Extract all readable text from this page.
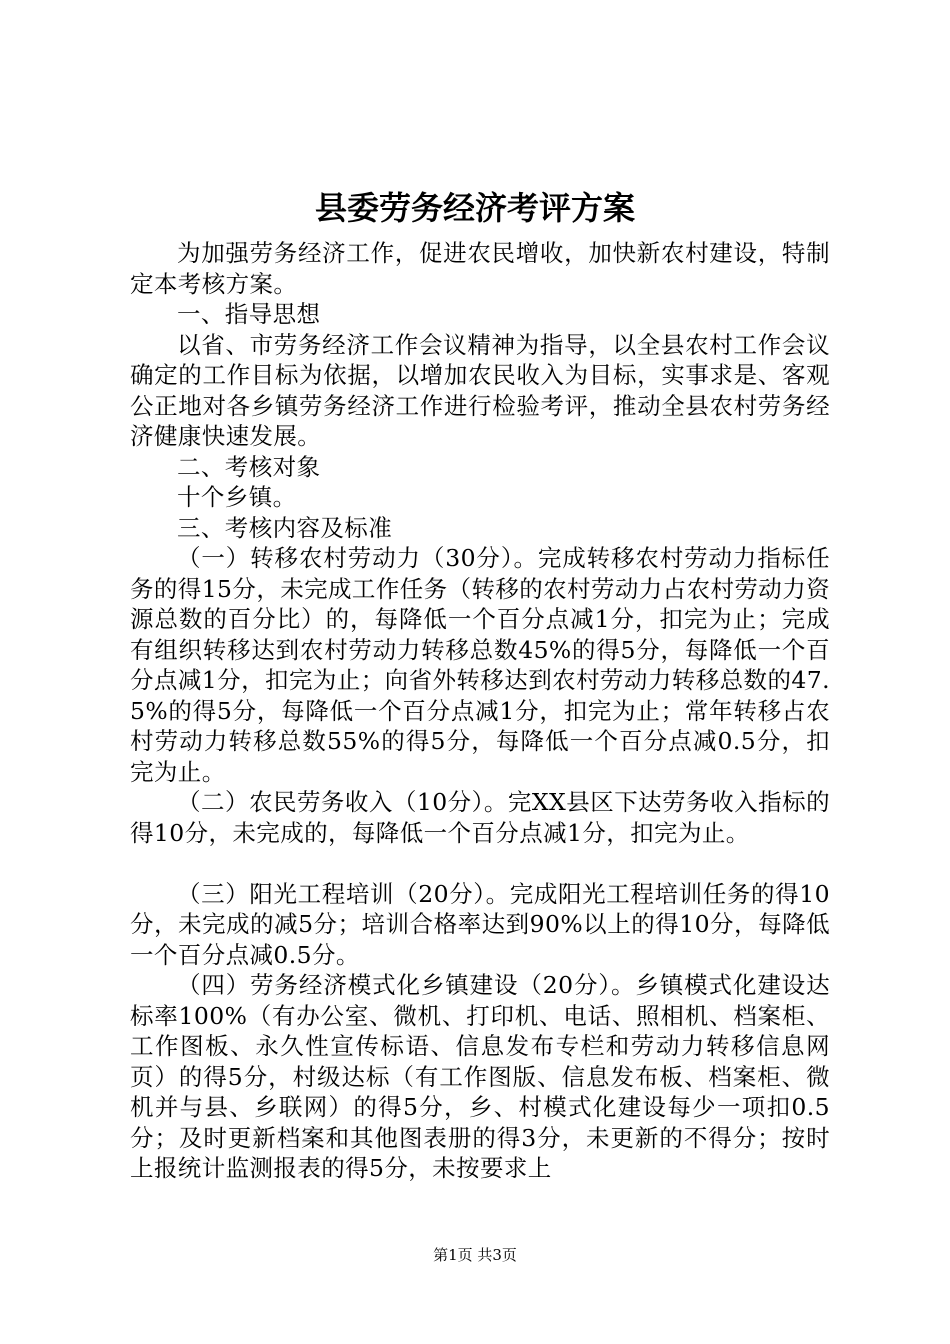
县委劳务经济考评方案

为加强劳务经济工作，促进农民增收，加快新农村建设，特制定本考核方案。

一、指导思想

以省、市劳务经济工作会议精神为指导，以全县农村工作会议确定的工作目标为依据，以增加农民收入为目标，实事求是、客观公正地对各乡镇劳务经济工作进行检验考评，推动全县农村劳务经济健康快速发展。

二、考核对象

十个乡镇。

三、考核内容及标准

（一）转移农村劳动力（30分）。完成转移农村劳动力指标任务的得15分，未完成工作任务（转移的农村劳动力占农村劳动力资源总数的百分比）的，每降低一个百分点减1分，扣完为止；完成有组织转移达到农村劳动力转移总数45%的得5分，每降低一个百分点减1分，扣完为止；向省外转移达到农村劳动力转移总数的47.5%的得5分，每降低一个百分点减1分，扣完为止；常年转移占农村劳动力转移总数55%的得5分，每降低一个百分点减0.5分，扣完为止。

（二）农民劳务收入（10分）。完XX县区下达劳务收入指标的得10分，未完成的，每降低一个百分点减1分，扣完为止。

（三）阳光工程培训（20分）。完成阳光工程培训任务的得10分，未完成的减5分；培训合格率达到90%以上的得10分，每降低一个百分点减0.5分。

（四）劳务经济模式化乡镇建设（20分）。乡镇模式化建设达标率100%（有办公室、微机、打印机、电话、照相机、档案柜、工作图板、永久性宣传标语、信息发布专栏和劳动力转移信息网页）的得5分，村级达标（有工作图版、信息发布板、档案柜、微机并与县、乡联网）的得5分，乡、村模式化建设每少一项扣0.5分；及时更新档案和其他图表册的得3分，未更新的不得分；按时上报统计监测报表的得5分，未按要求上

第1页 共3页
